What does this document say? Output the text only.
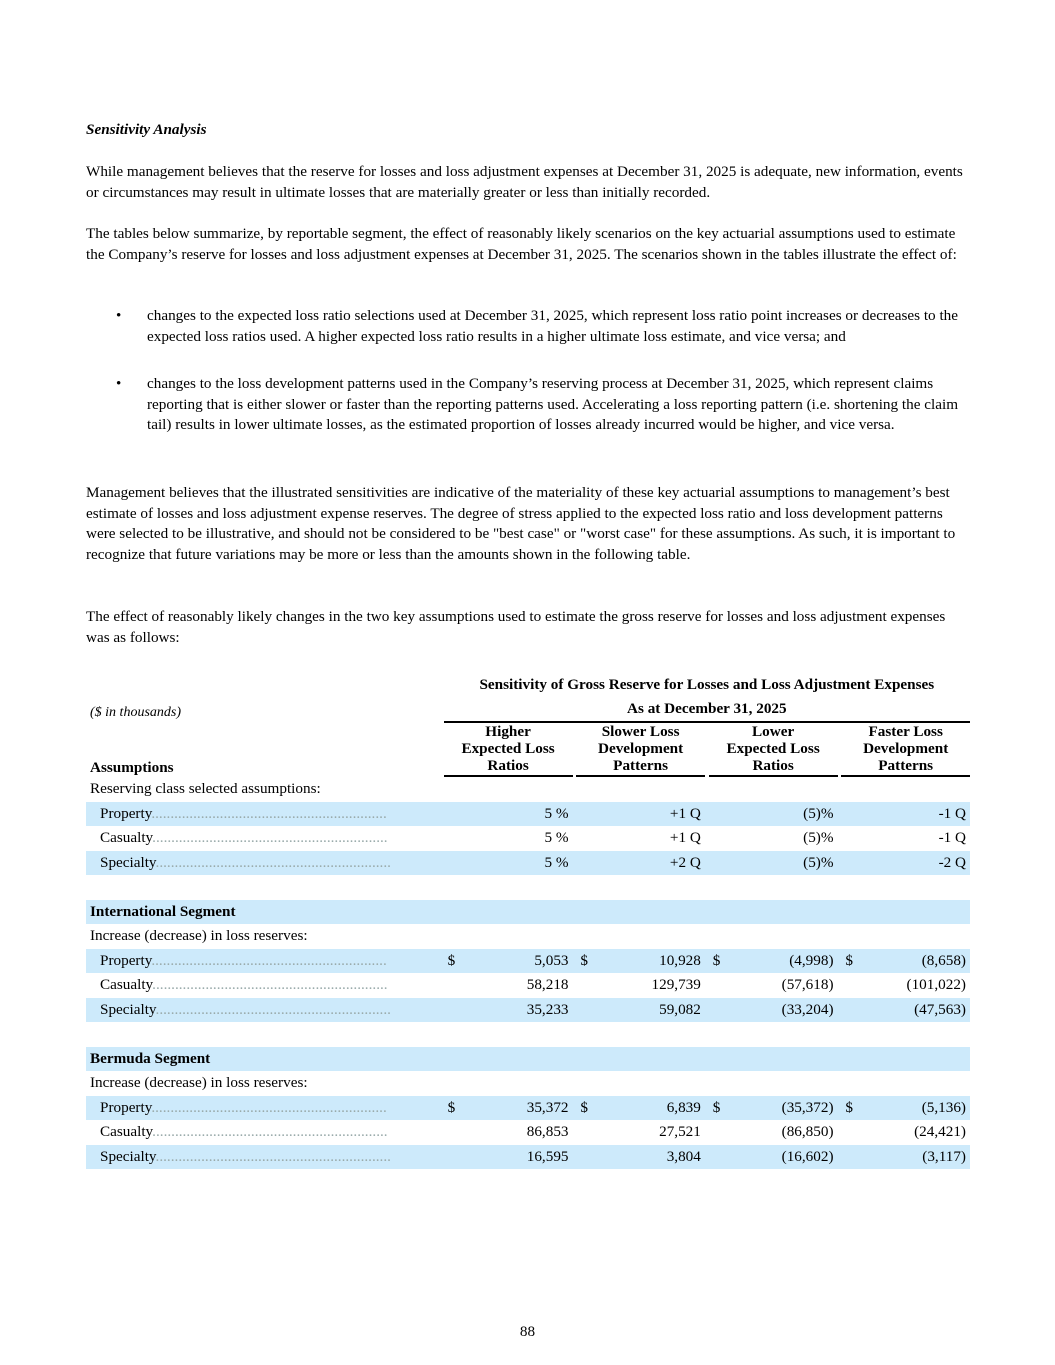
Sensitivity Analysis

While management believes that the reserve for losses and loss adjustment expenses at December 31, 2025 is adequate, new information, events or circumstances may result in ultimate losses that are materially greater or less than initially recorded.

The tables below summarize, by reportable segment, the effect of reasonably likely scenarios on the key actuarial assumptions used to estimate the Company’s reserve for losses and loss adjustment expenses at December 31, 2025. The scenarios shown in the tables illustrate the effect of:

• changes to the expected loss ratio selections used at December 31, 2025, which represent loss ratio point increases or decreases to the expected loss ratios used. A higher expected loss ratio results in a higher ultimate loss estimate, and vice versa; and
• changes to the loss development patterns used in the Company’s reserving process at December 31, 2025, which represent claims reporting that is either slower or faster than the reporting patterns used. Accelerating a loss reporting pattern (i.e. shortening the claim tail) results in lower ultimate losses, as the estimated proportion of losses already incurred would be higher, and vice versa.

Management believes that the illustrated sensitivities are indicative of the materiality of these key actuarial assumptions to management’s best estimate of losses and loss adjustment expense reserves. The degree of stress applied to the expected loss ratio and loss development patterns were selected to be illustrative, and should not be considered to be "best case" or "worst case" for these assumptions. As such, it is important to recognize that future variations may be more or less than the amounts shown in the following table.

The effect of reasonably likely changes in the two key assumptions used to estimate the gross reserve for losses and loss adjustment expenses was as follows:

		Sensitivity of Gross Reserve for Losses and Loss Adjustment Expenses										
($ in thousands)		As at December 31, 2025										
Assumptions		Higher
Expected Loss
Ratios			Slower Loss
Development
Patterns			Lower
Expected Loss
Ratios			Faster Loss
Development
Patterns	
Reserving class selected assumptions:												
Property..............................................................			5 %			+1 Q			(5)%			-1 Q
Casualty..............................................................			5 %			+1 Q			(5)%			-1 Q
Specialty..............................................................			5 %			+2 Q			(5)%			-2 Q

International Segment												
Increase (decrease) in loss reserves:												
Property..............................................................		$	5,053		$	10,928		$	(4,998)		$	(8,658)
Casualty..............................................................			58,218			129,739			(57,618)			(101,022)
Specialty..............................................................			35,233			59,082			(33,204)			(47,563)

Bermuda Segment												
Increase (decrease) in loss reserves:												
Property..............................................................		$	35,372		$	6,839		$	(35,372)		$	(5,136)
Casualty..............................................................			86,853			27,521			(86,850)			(24,421)
Specialty..............................................................			16,595			3,804			(16,602)			(3,117)
88
